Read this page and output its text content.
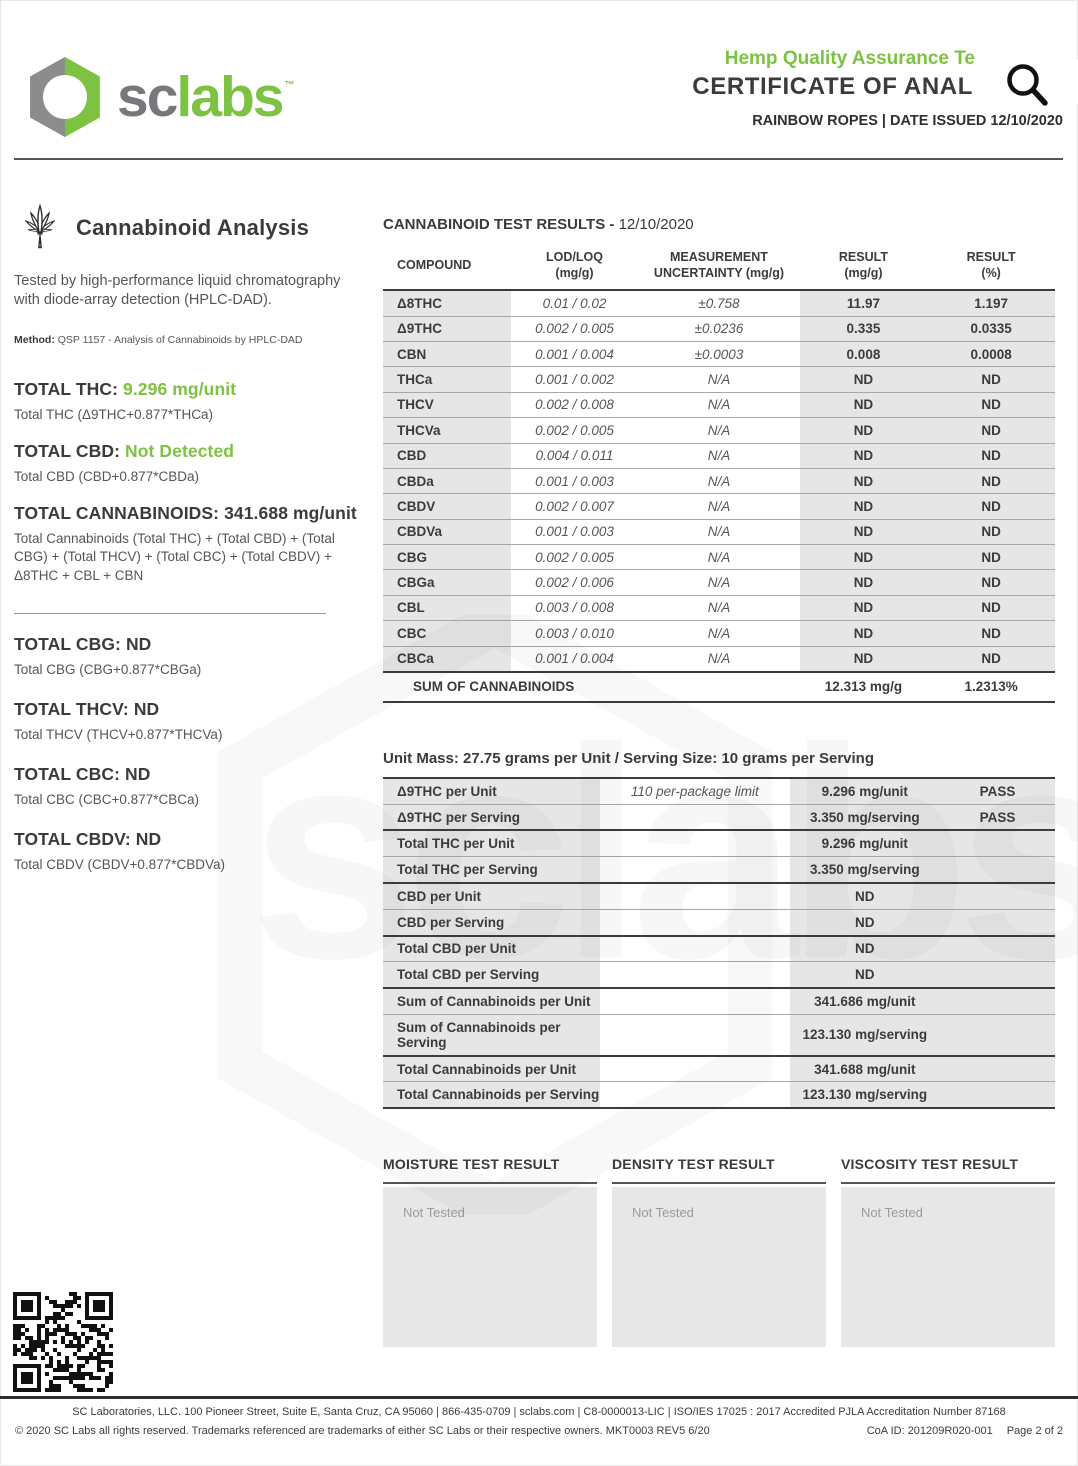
sclabs ™
Hemp Quality Assurance Te
CERTIFICATE OF ANAL
RAINBOW ROPES | DATE ISSUED 12/10/2020
Cannabinoid Analysis
Tested by high-performance liquid chromatography with diode-array detection (HPLC-DAD).
Method: QSP 1157 - Analysis of Cannabinoids by HPLC-DAD
TOTAL THC: 9.296 mg/unit
Total THC (Δ9THC+0.877*THCa)
TOTAL CBD: Not Detected
Total CBD (CBD+0.877*CBDa)
TOTAL CANNABINOIDS: 341.688 mg/unit
Total Cannabinoids (Total THC) + (Total CBD) + (Total CBG) + (Total THCV) + (Total CBC) + (Total CBDV) + Δ8THC + CBL + CBN
TOTAL CBG: ND
Total CBG (CBG+0.877*CBGa)
TOTAL THCV: ND
Total THCV (THCV+0.877*THCVa)
TOTAL CBC: ND
Total CBC (CBC+0.877*CBCa)
TOTAL CBDV: ND
Total CBDV (CBDV+0.877*CBDVa)
CANNABINOID TEST RESULTS - 12/10/2020
COMPOUND

LOD/LOQ
(mg/g)

MEASUREMENT
UNCERTAINTY (mg/g)

RESULT
(mg/g)

RESULT
(%)

Δ8THC	0.01 / 0.02	±0.758	11.97	1.197
Δ9THC	0.002 / 0.005	±0.0236	0.335	0.0335
CBN	0.001 / 0.004	±0.0003	0.008	0.0008
THCa	0.001 / 0.002	N/A	ND	ND
THCV	0.002 / 0.008	N/A	ND	ND
THCVa	0.002 / 0.005	N/A	ND	ND
CBD	0.004 / 0.011	N/A	ND	ND
CBDa	0.001 / 0.003	N/A	ND	ND
CBDV	0.002 / 0.007	N/A	ND	ND
CBDVa	0.001 / 0.003	N/A	ND	ND
CBG	0.002 / 0.005	N/A	ND	ND
CBGa	0.002 / 0.006	N/A	ND	ND
CBL	0.003 / 0.008	N/A	ND	ND
CBC	0.003 / 0.010	N/A	ND	ND
CBCa	0.001 / 0.004	N/A	ND	ND
SUM OF CANNABINOIDS			12.313 mg/g	1.2313%
Unit Mass: 27.75 grams per Unit / Serving Size: 10 grams per Serving
Δ9THC per Unit	110 per-package limit	9.296 mg/unit	PASS
Δ9THC per Serving		3.350 mg/serving	PASS
Total THC per Unit		9.296 mg/unit	
Total THC per Serving		3.350 mg/serving	
CBD per Unit		ND	
CBD per Serving		ND	
Total CBD per Unit		ND	
Total CBD per Serving		ND	
Sum of Cannabinoids per Unit		341.686 mg/unit	
Sum of Cannabinoids per Serving		123.130 mg/serving	
Total Cannabinoids per Unit		341.688 mg/unit	
Total Cannabinoids per Serving		123.130 mg/serving	
MOISTURE TEST RESULT
Not Tested
DENSITY TEST RESULT
Not Tested
VISCOSITY TEST RESULT
Not Tested
SC Laboratories, LLC. 100 Pioneer Street, Suite E, Santa Cruz, CA 95060 | 866-435-0709 | sclabs.com | C8-0000013-LIC | ISO/IES 17025 : 2017 Accredited PJLA Accreditation Number 87168
© 2020 SC Labs all rights reserved. Trademarks referenced are trademarks of either SC Labs or their respective owners. MKT0003 REV5 6/20	CoA ID: 201209R020-001 Page 2 of 2
